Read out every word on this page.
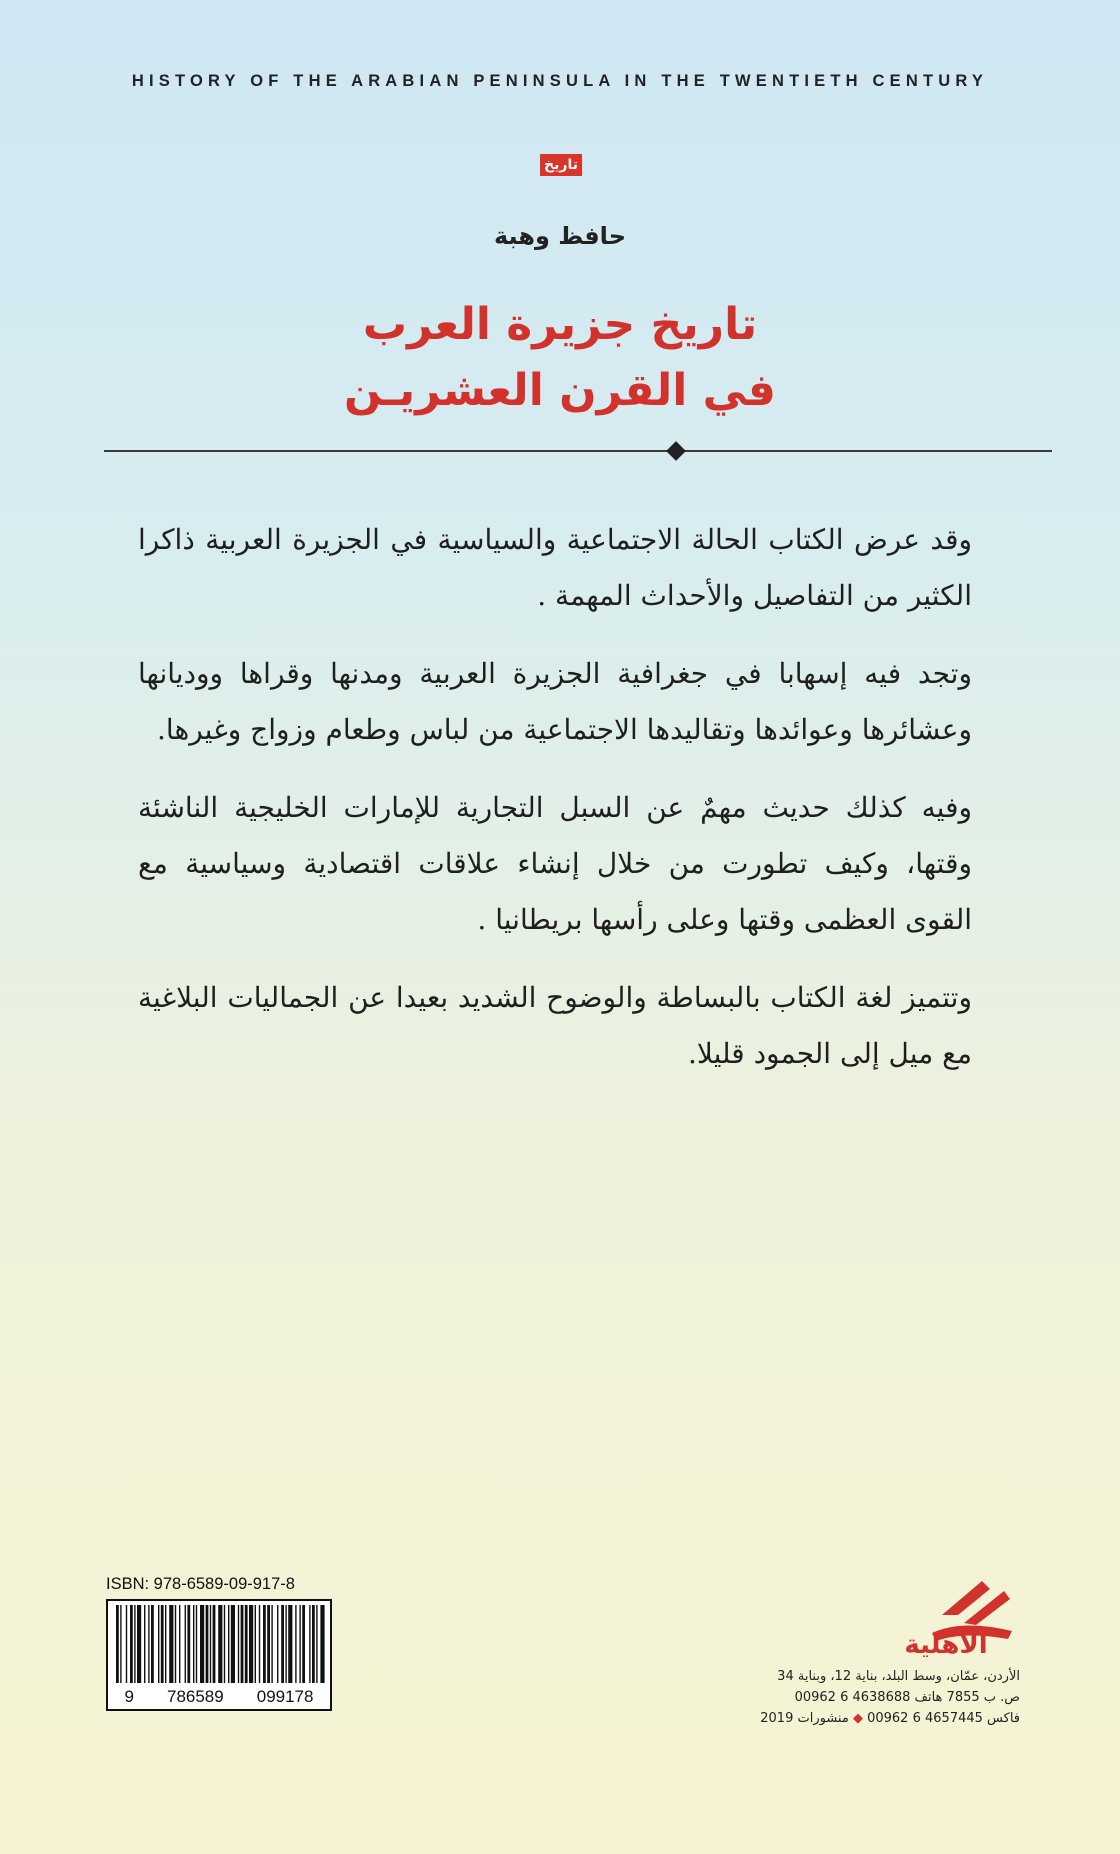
HISTORY OF THE ARABIAN PENINSULA IN THE TWENTIETH CENTURY
تاريخ
حافظ وهبة
تاريخ جزيرة العرب
في القرن العشريـن

وقد عرض الكتاب الحالة الاجتماعية والسياسية في الجزيرة العربية ذاكرا الكثير من التفاصيل والأحداث المهمة .

وتجد فيه إسهابا في جغرافية الجزيرة العربية ومدنها وقراها ووديانها وعشائرها وعوائدها وتقاليدها الاجتماعية من لباس وطعام وزواج وغيرها.

وفيه كذلك حديث مهمٌ عن السبل التجارية للإمارات الخليجية الناشئة وقتها، وكيف تطورت من خلال إنشاء علاقات اقتصادية وسياسية مع القوى العظمى وقتها وعلى رأسها بريطانيا .

وتتميز لغة الكتاب بالبساطة والوضوح الشديد بعيدا عن الجماليات البلاغية مع ميل إلى الجمود قليلا.

ISBN: 978-6589-09-917-8
9 786589 099178
الأهلية
الأردن، عمّان، وسط البلد، بناية 12، وبناية 34
ص. ب 7855 هاتف 4638688 6 00962
فاكس 4657445 6 00962 ◆ منشورات 2019
